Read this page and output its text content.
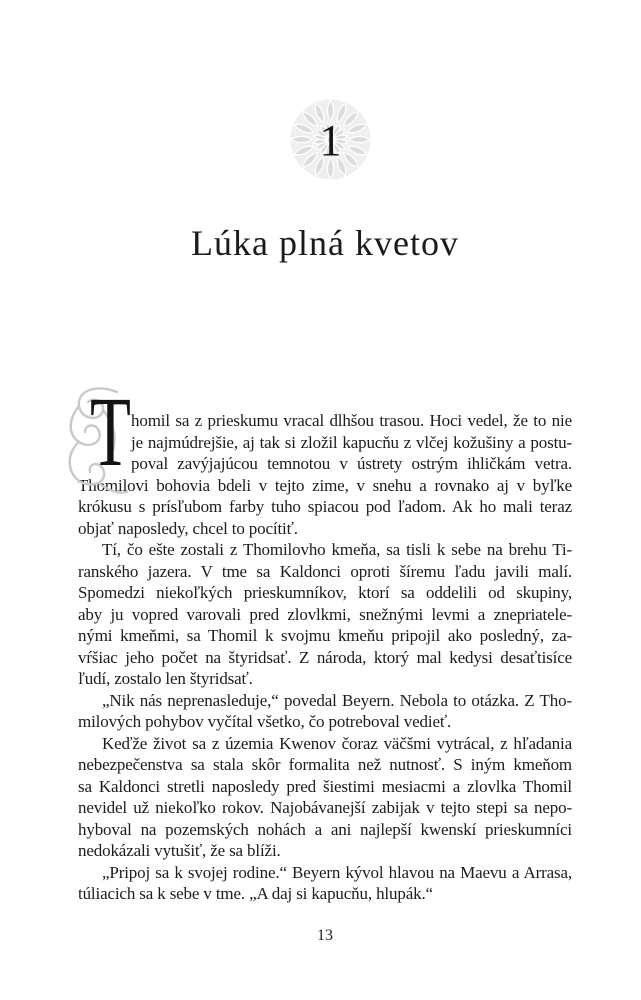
1
Lúka plná kvetov
T homil sa z prieskumu vracal dlhšou trasou. Hoci vedel, že to nie
je najmúdrejšie, aj tak si zložil kapucňu z vlčej kožušiny a postu-
poval zavýjajúcou temnotou v ústrety ostrým ihličkám vetra.
Thomilovi bohovia bdeli v tejto zime, v snehu a rovnako aj v byľke
krókusu s prísľubom farby tuho spiacou pod ľadom. Ak ho mali teraz
objať naposledy, chcel to pocítiť.
Tí, čo ešte zostali z Thomilovho kmeňa, sa tisli k sebe na brehu Ti-
ranského jazera. V tme sa Kaldonci oproti šíremu ľadu javili malí.
Spomedzi niekoľkých prieskumníkov, ktorí sa oddelili od skupiny,
aby ju vopred varovali pred zlovlkmi, snežnými levmi a znepriatele-
nými kmeňmi, sa Thomil k svojmu kmeňu pripojil ako posledný, za-
vŕšiac jeho počet na štyridsať. Z národa, ktorý mal kedysi desaťtisíce
ľudí, zostalo len štyridsať.
„Nik nás neprenasleduje,“ povedal Beyern. Nebola to otázka. Z Tho-
milových pohybov vyčítal všetko, čo potreboval vedieť.
Keďže život sa z územia Kwenov čoraz väčšmi vytrácal, z hľadania
nebezpečenstva sa stala skôr formalita než nutnosť. S iným kmeňom
sa Kaldonci stretli naposledy pred šiestimi mesiacmi a zlovlka Thomil
nevidel už niekoľko rokov. Najobávanejší zabijak v tejto stepi sa nepo-
hyboval na pozemských nohách a ani najlepší kwenskí prieskumníci
nedokázali vytušiť, že sa blíži.
„Pripoj sa k svojej rodine.“ Beyern kývol hlavou na Maevu a Arrasa,
túliacich sa k sebe v tme. „A daj si kapucňu, hlupák.“
13
